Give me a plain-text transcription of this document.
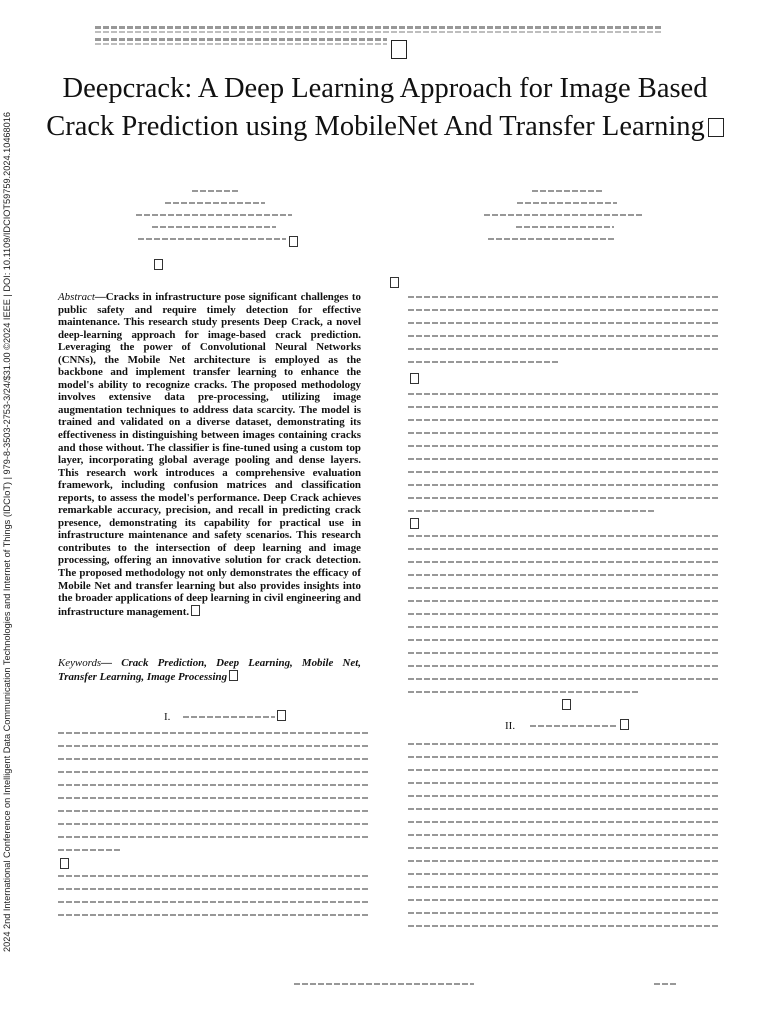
2024 2nd International Conference on Intelligent Data Communication Technologies and Internet of Things (IDCIoT) | 979-8-3503-2753-3/24/$31.00 ©2024 IEEE | DOI: 10.1109/IDCIOT59759.2024.10468016
Deepcrack: A Deep Learning Approach for Image Based Crack Prediction using MobileNet And Transfer Learning

Abstract—Cracks in infrastructure pose significant challenges to public safety and require timely detection for effective maintenance. This research study presents Deep Crack, a novel deep-learning approach for image-based crack prediction. Leveraging the power of Convolutional Neural Networks (CNNs), the Mobile Net architecture is employed as the backbone and implement transfer learning to enhance the model's ability to recognize cracks. The proposed methodology involves extensive data pre-processing, utilizing image augmentation techniques to address data scarcity. The model is trained and validated on a diverse dataset, demonstrating its effectiveness in distinguishing between images containing cracks and those without. The classifier is fine-tuned using a custom top layer, incorporating global average pooling and dense layers. This research work introduces a comprehensive evaluation framework, including confusion matrices and classification reports, to assess the model's performance. Deep Crack achieves remarkable accuracy, precision, and recall in predicting crack presence, demonstrating its capability for practical use in infrastructure maintenance and safety scenarios. This research contributes to the intersection of deep learning and image processing, offering an innovative solution for crack detection. The proposed methodology not only demonstrates the efficacy of Mobile Net and transfer learning but also provides insights into the broader applications of deep learning in civil engineering and infrastructure management.

Keywords— Crack Prediction, Deep Learning, Mobile Net, Transfer Learning, Image Processing

I.
II.
